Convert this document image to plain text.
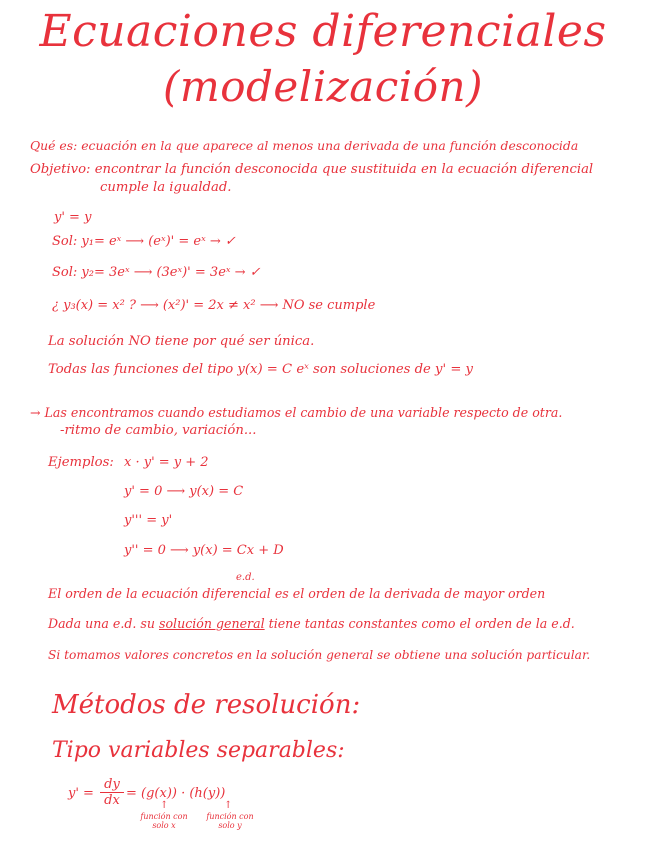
Ecuaciones diferenciales
(modelización)
Qué es: ecuación en la que aparece al menos una derivada de una función desconocida
Objetivo: encontrar la función desconocida que sustituida en la ecuación diferencial
cumple la igualdad.
y' = y
Sol: y₁= eˣ ⟶ (eˣ)' = eˣ → ✓
Sol: y₂= 3eˣ ⟶ (3eˣ)' = 3eˣ → ✓
¿ y₃(x) = x² ? ⟶ (x²)' = 2x ≠ x² ⟶ NO se cumple
La solución NO tiene por qué ser única.
Todas las funciones del tipo y(x) = C eˣ son soluciones de y' = y
→ Las encontramos cuando estudiamos el cambio de una variable respecto de otra.
-ritmo de cambio, variación...
Ejemplos: x · y' = y + 2
y' = 0 ⟶ y(x) = C
y''' = y'
y'' = 0 ⟶ y(x) = Cx + D
e.d.
El orden de la ecuación diferencial es el orden de la derivada de mayor orden
Dada una e.d. su solución general tiene tantas constantes como el orden de la e.d.
Si tomamos valores concretos en la solución general se obtiene una solución particular.
Métodos de resolución:
Tipo variables separables:
y' =
dy
dx = (g(x)) · (h(y))
↑	↑
función con solo x
función con solo y
